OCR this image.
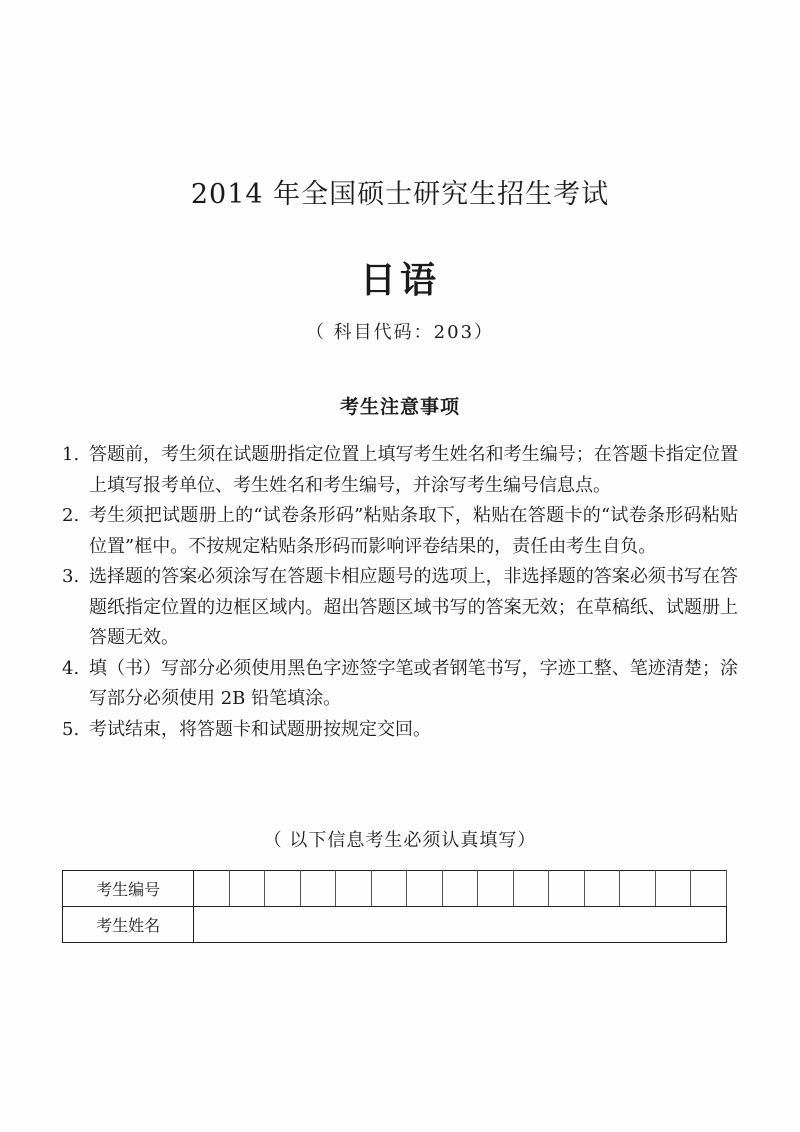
2014 年全国硕士研究生招生考试
日语
（ 科目代码：203）
考生注意事项
1. 答题前，考生须在试题册指定位置上填写考生姓名和考生编号；在答题卡指定位置上填写报考单位、考生姓名和考生编号，并涂写考生编号信息点。
2. 考生须把试题册上的“试卷条形码”粘贴条取下，粘贴在答题卡的“试卷条形码粘贴位置”框中。不按规定粘贴条形码而影响评卷结果的，责任由考生自负。
3. 选择题的答案必须涂写在答题卡相应题号的选项上，非选择题的答案必须书写在答题纸指定位置的边框区域内。超出答题区域书写的答案无效；在草稿纸、试题册上答题无效。
4. 填（书）写部分必须使用黑色字迹签字笔或者钢笔书写，字迹工整、笔迹清楚；涂写部分必须使用 2B 铅笔填涂。
5. 考试结束，将答题卡和试题册按规定交回。
（ 以下信息考生必须认真填写）
考生编号															
考生姓名															
